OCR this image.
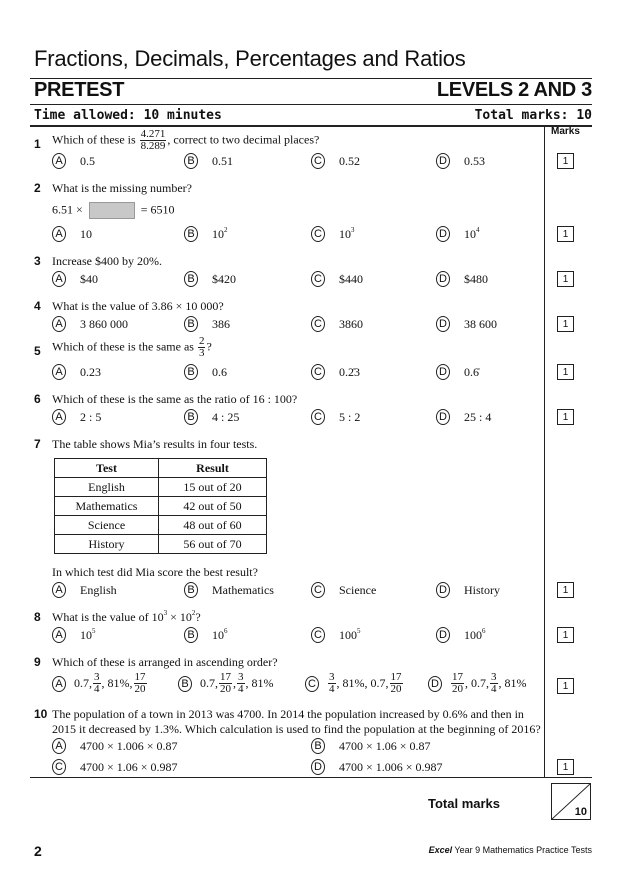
Fractions, Decimals, Percentages and Ratios
PRETEST	LEVELS 2 AND 3
Time allowed: 10 minutes	Total marks: 10
Marks
1 Which of these is $\frac{4.271}{8.289}$ , correct to two decimal places?
A 0.5	B 0.51	C 0.52	D 0.53	1
2 What is the missing number?
6.51 ×	= 6510
A 10	B $10^2$	C $10^3$	D $10^4$	1
3 Increase $400 by 20%.
A $40	B $420	C $440	D $480	1
4 What is the value of 3.86 × 10 000?
A 3 860 000	B 386	C 3860	D 38 600	1
5 Which of these is the same as $\frac{2}{3}$ ?
A 0.23	B 0.6	C 0.2̇3	D 0.6̇	1
6 Which of these is the same as the ratio of 16 : 100?
A 2 : 5	B 4 : 25	C 5 : 2	D 25 : 4	1
7 The table shows Mia’s results in four tests.
Test	Result
English	15 out of 20
Mathematics	42 out of 50
Science	48 out of 60
History	56 out of 70
In which test did Mia score the best result?
A English	B Mathematics	C Science	D History	1
8 What is the value of $10^3 \times 10^2$?
A $10^5$	B $10^6$	C $100^5$	D $100^6$	1
9 Which of these is arranged in ascending order?
A 0.7, $\frac{3}{4}$ , 81%, $\frac{17}{20}$	B 0.7, $\frac{17}{20}$ , $\frac{3}{4}$ , 81%	C $\frac{3}{4}$ , 81%, 0.7, $\frac{17}{20}$	D $\frac{17}{20}$ , 0.7, $\frac{3}{4}$ , 81%	1
10 The population of a town in 2013 was 4700. In 2014 the population increased by 0.6% and then in
2015 it decreased by 1.3%. Which calculation is used to find the population at the beginning of 2016?
A 4700 × 1.006 × 0.87	B 4700 × 1.06 × 0.87
C 4700 × 1.06 × 0.987	D 4700 × 1.006 × 0.987	1
Total marks
10
2	Excel Year 9 Mathematics Practice Tests
